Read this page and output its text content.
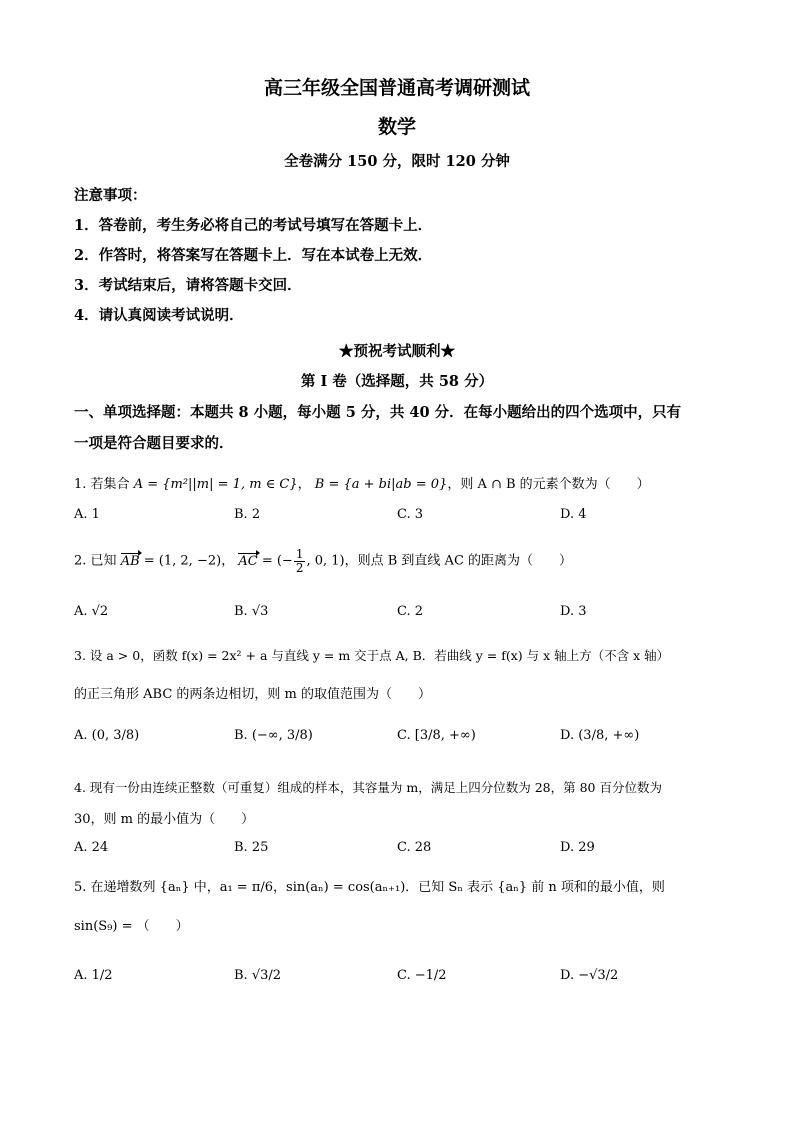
高三年级全国普通高考调研测试
数学
全卷满分 150 分，限时 120 分钟
注意事项：
1．答卷前，考生务必将自己的考试号填写在答题卡上．
2．作答时，将答案写在答题卡上．写在本试卷上无效．
3．考试结束后，请将答题卡交回．
4．请认真阅读考试说明．
★预祝考试顺利★
第 I 卷（选择题，共 58 分）
一、单项选择题：本题共 8 小题，每小题 5 分，共 40 分．在每小题给出的四个选项中，只有
一项是符合题目要求的．
1. 若集合 A = {m²||m| = 1, m ∈ C}， B = {a + bi|ab = 0}，则 A ∩ B 的元素个数为（　　）
A. 1	B. 2	C. 3	D. 4
2. 已知 AB = (1, 2, −2)， AC = (− $\frac{1}{2}$ , 0, 1)，则点 B 到直线 AC 的距离为（　　）
A. √2	B. √3	C. 2	D. 3
3. 设 a > 0，函数 f(x) = 2x² + a 与直线 y = m 交于点 A, B．若曲线 y = f(x) 与 x 轴上方（不含 x 轴）
的正三角形 ABC 的两条边相切，则 m 的取值范围为（　　）
A. (0, 3/8)	B. (−∞, 3/8)	C. [3/8, +∞)	D. (3/8, +∞)
4. 现有一份由连续正整数（可重复）组成的样本，其容量为 m，满足上四分位数为 28，第 80 百分位数为
30，则 m 的最小值为（　　）
A. 24	B. 25	C. 28	D. 29
5. 在递增数列 {aₙ} 中，a₁ = π/6，sin(aₙ) = cos(aₙ₊₁)．已知 Sₙ 表示 {aₙ} 前 n 项和的最小值，则
sin(S₉) = （　　）
A. 1/2	B. √3/2	C. −1/2	D. −√3/2
